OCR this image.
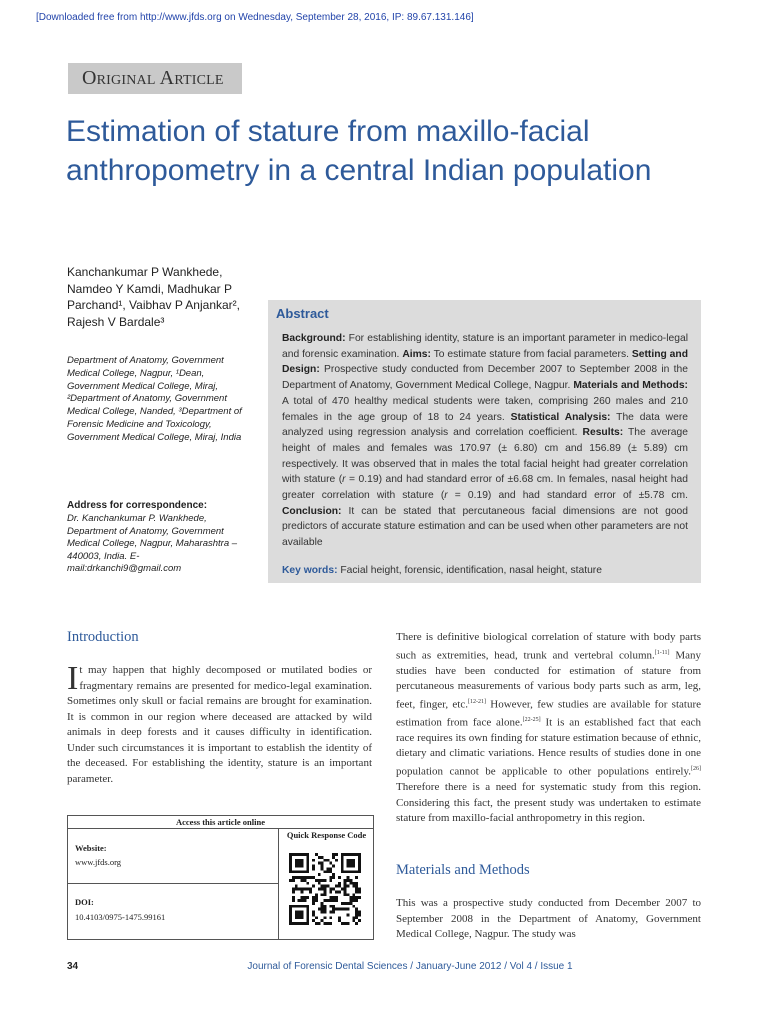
[Downloaded free from http://www.jfds.org on Wednesday, September 28, 2016, IP: 89.67.131.146]
Original Article
Estimation of stature from maxillo-facial anthropometry in a central Indian population
Kanchankumar P Wankhede, Namdeo Y Kamdi, Madhukar P Parchand¹, Vaibhav P Anjankar², Rajesh V Bardale³
Department of Anatomy, Government Medical College, Nagpur, ¹Dean, Government Medical College, Miraj, ²Department of Anatomy, Government Medical College, Nanded, ³Department of Forensic Medicine and Toxicology, Government Medical College, Miraj, India
Address for correspondence:
Dr. Kanchankumar P. Wankhede, Department of Anatomy, Government Medical College, Nagpur, Maharashtra – 440003, India. E-mail:drkanchi9@gmail.com
Abstract
Background: For establishing identity, stature is an important parameter in medico-legal and forensic examination. Aims: To estimate stature from facial parameters. Setting and Design: Prospective study conducted from December 2007 to September 2008 in the Department of Anatomy, Government Medical College, Nagpur. Materials and Methods: A total of 470 healthy medical students were taken, comprising 260 males and 210 females in the age group of 18 to 24 years. Statistical Analysis: The data were analyzed using regression analysis and correlation coefficient. Results: The average height of males and females was 170.97 (± 6.80) cm and 156.89 (± 5.89) cm respectively. It was observed that in males the total facial height had greater correlation with stature (r = 0.19) and had standard error of ±6.68 cm. In females, nasal height had greater correlation with stature (r = 0.19) and had standard error of ±5.78 cm. Conclusion: It can be stated that percutaneous facial dimensions are not good predictors of accurate stature estimation and can be used when other parameters are not available
Key words: Facial height, forensic, identification, nasal height, stature
Introduction
It may happen that highly decomposed or mutilated bodies or fragmentary remains are presented for medico-legal examination. Sometimes only skull or facial remains are brought for examination. It is common in our region where deceased are attacked by wild animals in deep forests and it causes difficulty in identification. Under such circumstances it is important to establish the identity of the deceased. For establishing the identity, stature is an important parameter.
Access this article online
Quick Response Code
Website:
www.jfds.org
DOI:
10.4103/0975-1475.99161
There is definitive biological correlation of stature with body parts such as extremities, head, trunk and vertebral column.[1-11] Many studies have been conducted for estimation of stature from percutaneous measurements of various body parts such as arm, leg, feet, finger, etc.[12-21] However, few studies are available for stature estimation from face alone.[22-25] It is an established fact that each race requires its own finding for stature estimation because of ethnic, dietary and climatic variations. Hence results of studies done in one population cannot be applicable to other populations entirely.[26] Therefore there is a need for systematic study from this region. Considering this fact, the present study was undertaken to estimate stature from maxillo-facial anthropometry in this region.
Materials and Methods
This was a prospective study conducted from December 2007 to September 2008 in the Department of Anatomy, Government Medical College, Nagpur. The study was
34	Journal of Forensic Dental Sciences / January-June 2012 / Vol 4 / Issue 1
